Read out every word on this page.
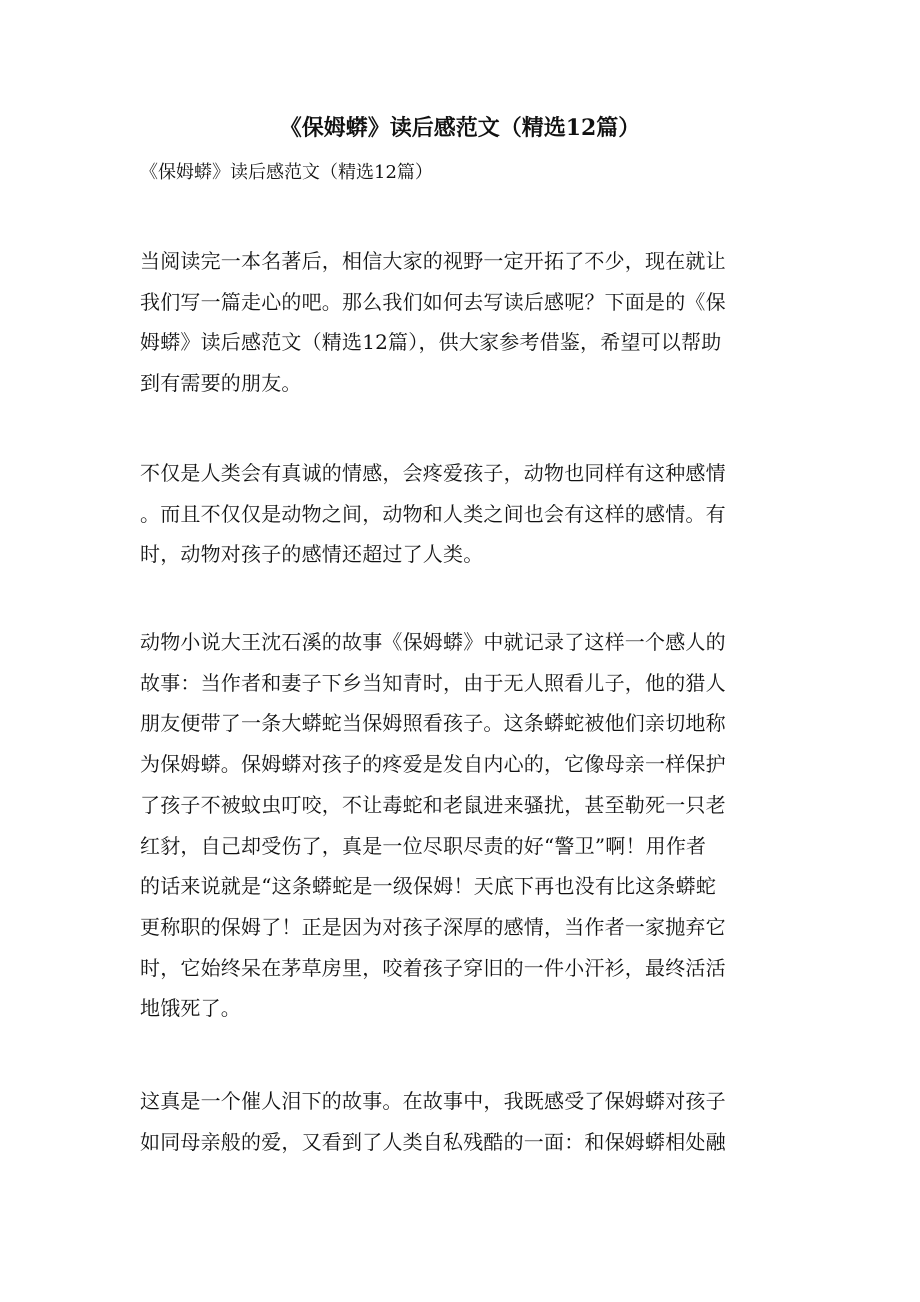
《保姆蟒》读后感范文（精选12篇）
《保姆蟒》读后感范文（精选12篇）
当阅读完一本名著后，相信大家的视野一定开拓了不少，现在就让
我们写一篇走心的吧。那么我们如何去写读后感呢？下面是的《保
姆蟒》读后感范文（精选12篇），供大家参考借鉴，希望可以帮助
到有需要的朋友。
不仅是人类会有真诚的情感，会疼爱孩子，动物也同样有这种感情
。而且不仅仅是动物之间，动物和人类之间也会有这样的感情。有
时，动物对孩子的感情还超过了人类。
动物小说大王沈石溪的故事《保姆蟒》中就记录了这样一个感人的
故事：当作者和妻子下乡当知青时，由于无人照看儿子，他的猎人
朋友便带了一条大蟒蛇当保姆照看孩子。这条蟒蛇被他们亲切地称
为保姆蟒。保姆蟒对孩子的疼爱是发自内心的，它像母亲一样保护
了孩子不被蚊虫叮咬，不让毒蛇和老鼠进来骚扰，甚至勒死一只老
红豺，自己却受伤了，真是一位尽职尽责的好“警卫”啊！用作者
的话来说就是“这条蟒蛇是一级保姆！天底下再也没有比这条蟒蛇
更称职的保姆了！正是因为对孩子深厚的感情，当作者一家抛弃它
时，它始终呆在茅草房里，咬着孩子穿旧的一件小汗衫，最终活活
地饿死了。
这真是一个催人泪下的故事。在故事中，我既感受了保姆蟒对孩子
如同母亲般的爱，又看到了人类自私残酷的一面：和保姆蟒相处融
